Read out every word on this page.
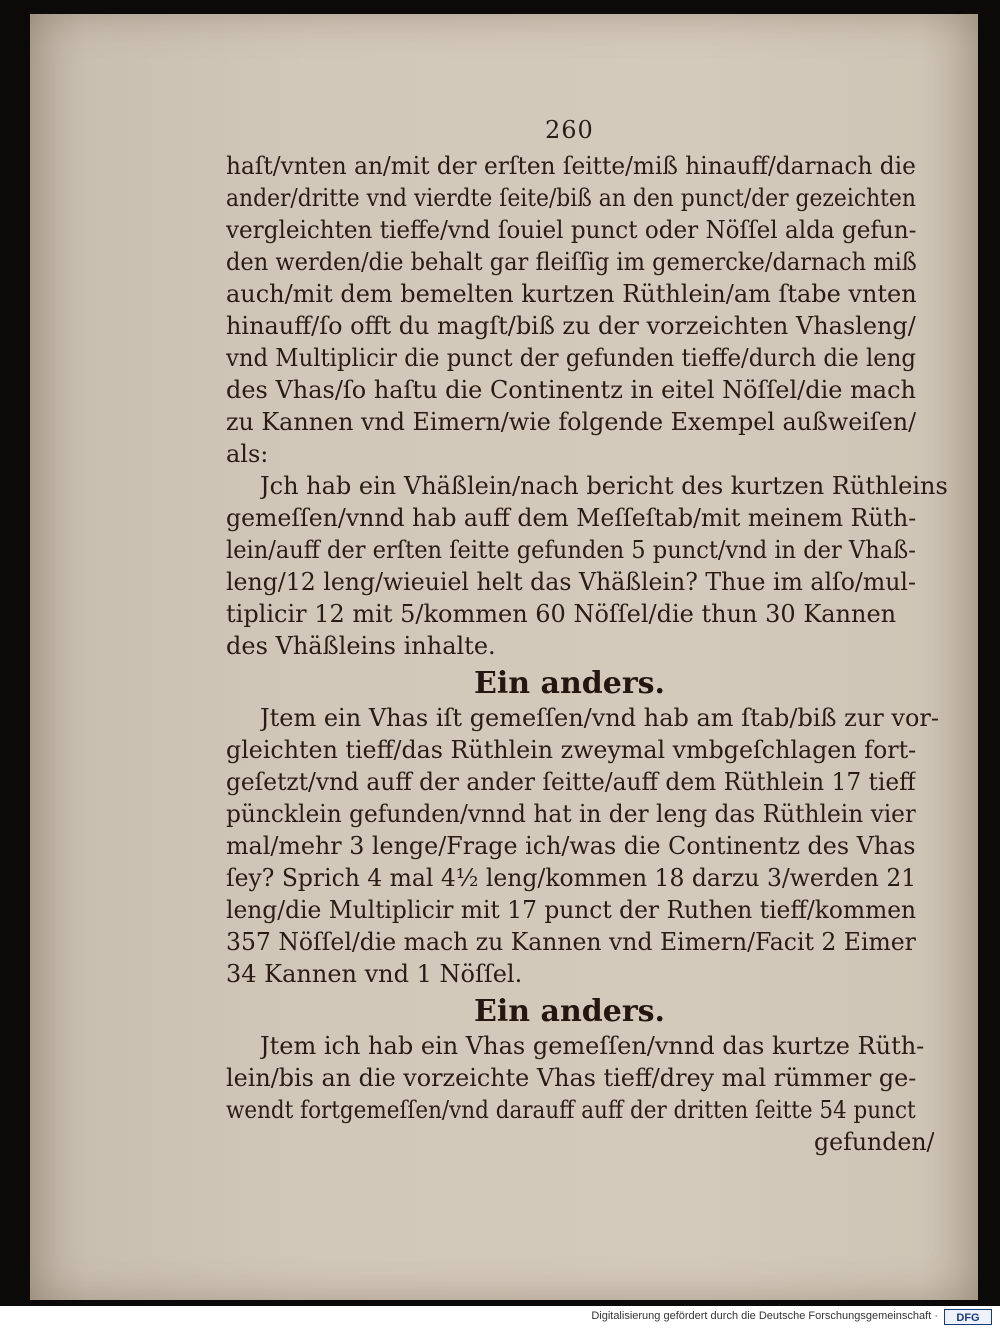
260
haſt/vnten an/mit der erſten ſeitte/miß hinauff/darnach die
ander/dritte vnd vierdte ſeite/biß an den punct/der gezeichten
vergleichten tieffe/vnd ſouiel punct oder Nöſſel alda gefun-
den werden/die behalt gar fleiſſig im gemercke/darnach miß
auch/mit dem bemelten kurtzen Rüthlein/am ſtabe vnten
hinauff/ſo offt du magſt/biß zu der vorzeichten Vhasleng/
vnd Multiplicir die punct der gefunden tieffe/durch die leng
des Vhas/ſo haſtu die Continentz in eitel Nöſſel/die mach
zu Kannen vnd Eimern/wie folgende Exempel außweiſen/
als:
Jch hab ein Vhäßlein/nach bericht des kurtzen Rüthleins
gemeſſen/vnnd hab auff dem Meſſeſtab/mit meinem Rüth-
lein/auff der erſten ſeitte gefunden 5 punct/vnd in der Vhaß-
leng/12 leng/wieuiel helt das Vhäßlein? Thue im alſo/mul-
tiplicir 12 mit 5/kommen 60 Nöſſel/die thun 30 Kannen
des Vhäßleins inhalte.
Ein anders.
Jtem ein Vhas iſt gemeſſen/vnd hab am ſtab/biß zur vor-
gleichten tieff/das Rüthlein zweymal vmbgeſchlagen fort-
geſetzt/vnd auff der ander ſeitte/auff dem Rüthlein 17 tieff
püncklein gefunden/vnnd hat in der leng das Rüthlein vier
mal/mehr 3 lenge/Frage ich/was die Continentz des Vhas
ſey? Sprich 4 mal 4½ leng/kommen 18 darzu 3/werden 21
leng/die Multiplicir mit 17 punct der Ruthen tieff/kommen
357 Nöſſel/die mach zu Kannen vnd Eimern/Facit 2 Eimer
34 Kannen vnd 1 Nöſſel.
Ein anders.
Jtem ich hab ein Vhas gemeſſen/vnnd das kurtze Rüth-
lein/bis an die vorzeichte Vhas tieff/drey mal rümmer ge-
wendt fortgemeſſen/vnd darauff auff der dritten ſeitte 54 punct
gefunden/
Digitalisierung gefördert durch die Deutsche Forschungsgemeinschaft ·	DFG
